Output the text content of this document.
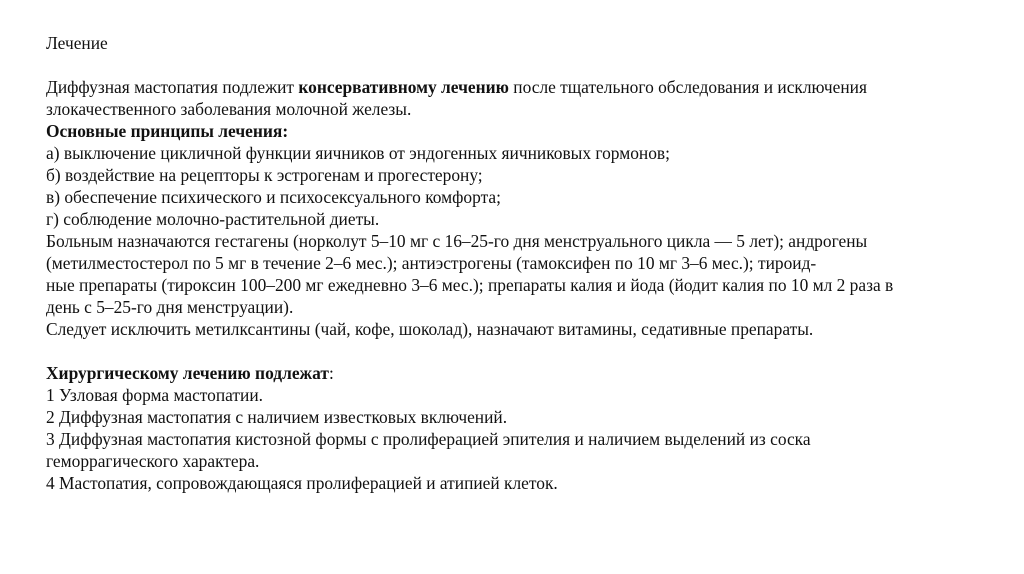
Лечение
Диффузная мастопатия подлежит консервативному лечению после тщательного обследования и исключения
злокачественного заболевания молочной железы.
Основные принципы лечения:
а) выключение цикличной функции яичников от эндогенных яичниковых гормонов;
б) воздействие на рецепторы к эстрогенам и прогестерону;
в) обеспечение психического и психосексуального комфорта;
г) соблюдение молочно-растительной диеты.
Больным назначаются гестагены (норколут 5–10 мг с 16–25-го дня менструального цикла — 5 лет); андрогены
(метилместостерол по 5 мг в течение 2–6 мес.); антиэстрогены (тамоксифен по 10 мг 3–6 мес.); тироид-
ные препараты (тироксин 100–200 мг ежедневно 3–6 мес.); препараты калия и йода (йодит калия по 10 мл 2 раза в
день с 5–25-го дня менструации).
Следует исключить метилксантины (чай, кофе, шоколад), назначают витамины, седативные препараты.
Хирургическому лечению подлежат:
1 Узловая форма мастопатии.
2 Диффузная мастопатия с наличием известковых включений.
3 Диффузная мастопатия кистозной формы с пролиферацией эпителия и наличием выделений из соска
геморрагического характера.
4 Мастопатия, сопровождающаяся пролиферацией и атипией клеток.
